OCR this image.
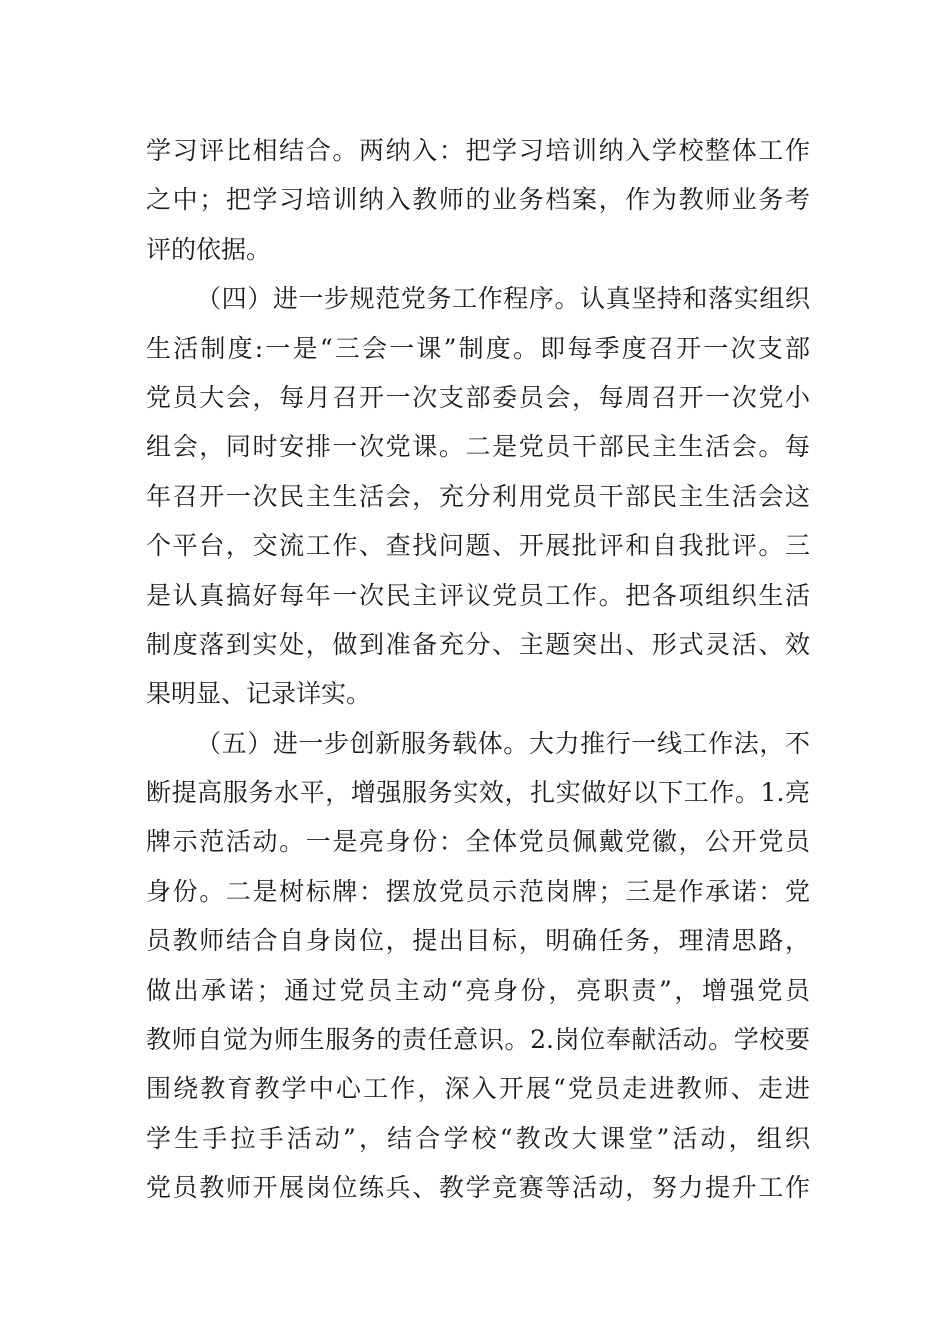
学习评比相结合。两纳入：把学习培训纳入学校整体工作
之中；把学习培训纳入教师的业务档案，作为教师业务考
评的依据。
（四）进一步规范党务工作程序。认真坚持和落实组织
生活制度:一是“三会一课”制度。即每季度召开一次支部
党员大会，每月召开一次支部委员会，每周召开一次党小
组会，同时安排一次党课。二是党员干部民主生活会。每
年召开一次民主生活会，充分利用党员干部民主生活会这
个平台，交流工作、查找问题、开展批评和自我批评。三
是认真搞好每年一次民主评议党员工作。把各项组织生活
制度落到实处，做到准备充分、主题突出、形式灵活、效
果明显、记录详实。
（五）进一步创新服务载体。大力推行一线工作法，不
断提高服务水平，增强服务实效，扎实做好以下工作。1.亮
牌示范活动。一是亮身份：全体党员佩戴党徽，公开党员
身份。二是树标牌：摆放党员示范岗牌；三是作承诺：党
员教师结合自身岗位，提出目标，明确任务，理清思路，
做出承诺；通过党员主动“亮身份，亮职责”，增强党员
教师自觉为师生服务的责任意识。2.岗位奉献活动。学校要
围绕教育教学中心工作，深入开展“党员走进教师、走进
学生手拉手活动”，结合学校“教改大课堂”活动，组织
党员教师开展岗位练兵、教学竞赛等活动，努力提升工作
